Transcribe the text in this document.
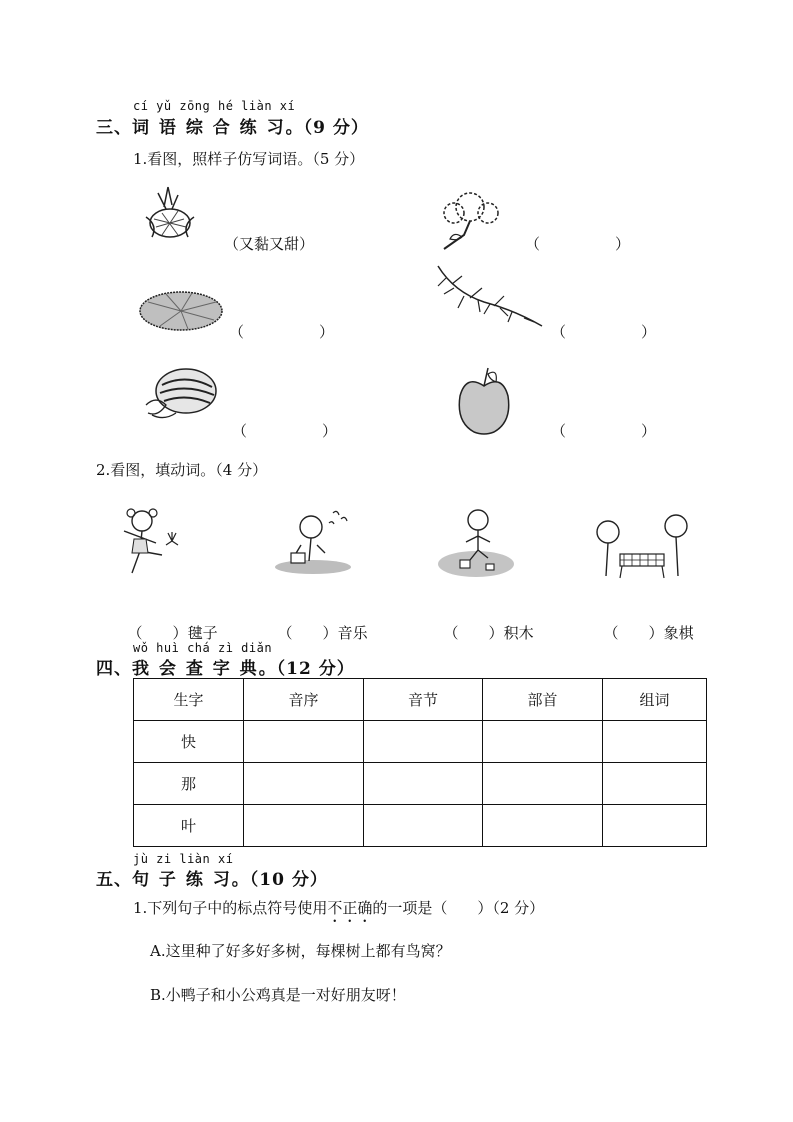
cí yǔ zōng hé liàn xí
三、词 语 综 合 练 习。（9 分）
1.看图，照样子仿写词语。（5 分）
（又黏又甜）	（　　　　　）
（　　　　　）	（　　　　　）
（　　　　　）	（　　　　　）
2.看图，填动词。（4 分）

（　　）毽子	（　　）音乐	（　　）积木	（　　）象棋

wǒ huì chá zì diǎn
四、我 会 查 字 典。（12 分）
生字	音序	音节	部首	组词
快				
那				
叶				
jù zi liàn xí
五、句 子 练 习。（10 分）
1.下列句子中的标点符号使用不正确的一项是（　　）（2 分）
A.这里种了好多好多树，每棵树上都有鸟窝？
B.小鸭子和小公鸡真是一对好朋友呀！
